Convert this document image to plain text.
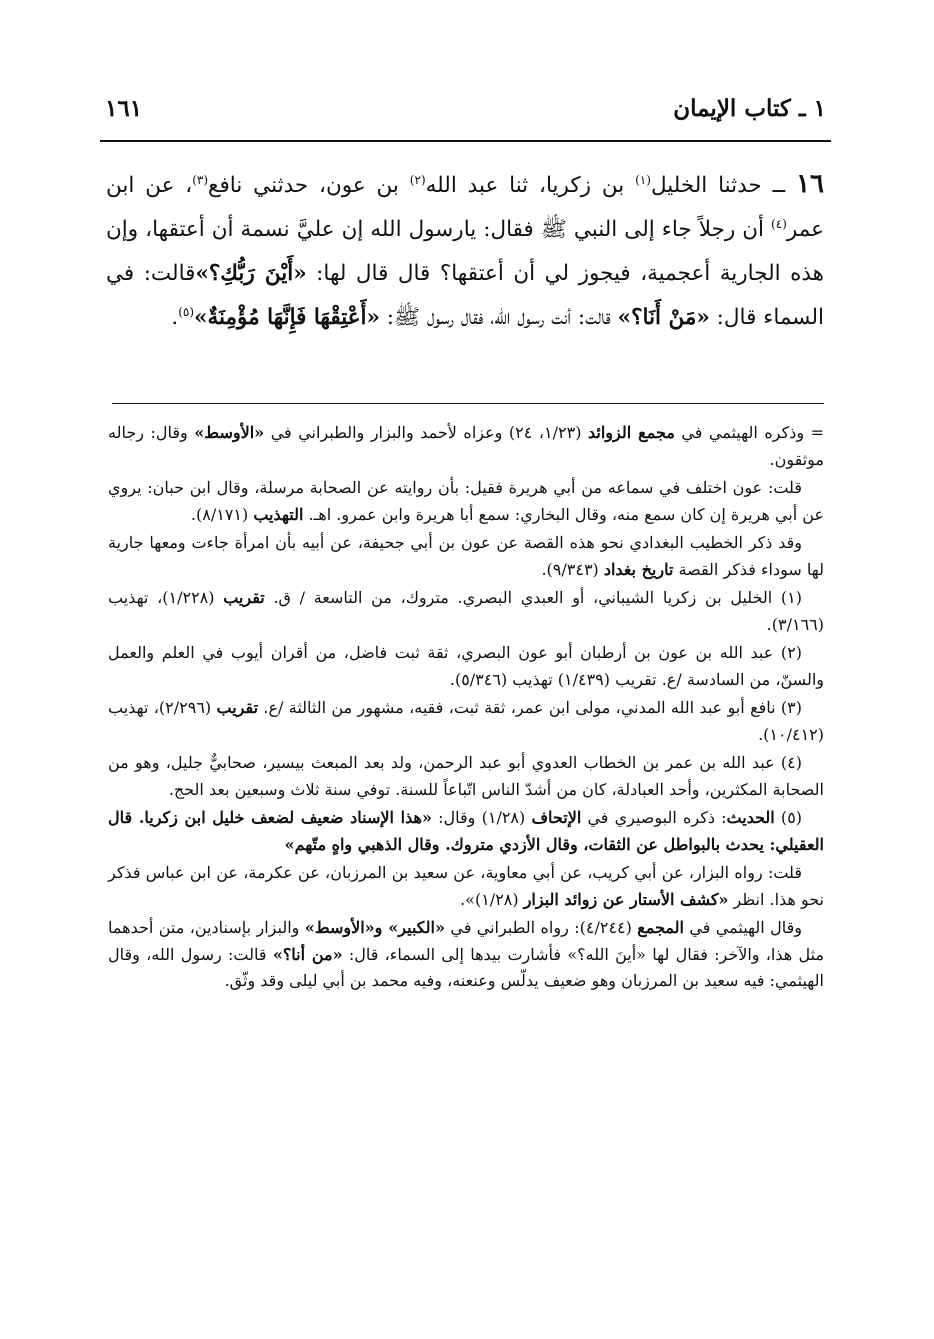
١ ـ كتاب الإيمان
١٦١
١٦ ــ حدثنا الخليل$^{(١)}$ بن زكريا، ثنا عبد الله$^{(٢)}$ بن عون، حدثني نافع$^{(٣)}$، عن ابن عمر$^{(٤)}$ أن رجلاً جاء إلى النبي ﷺ فقال: يارسول الله إن عليَّ نسمة أن أعتقها، وإن هذه الجارية أعجمية، فيجوز لي أن أعتقها؟ قال قال لها: «أَيْنَ رَبُّكِ؟»قالت: في السماء قال: «مَنْ أَنَا؟» قالت: أنت رسول الله، فقال رسول ﷺ: «أَعْتِقْهَا فَإِنَّهَا مُؤْمِنَةٌ»$^{(٥)}$.

= وذكره الهيثمي في مجمع الزوائد (١/٢٣، ٢٤) وعزاه لأحمد والبزار والطبراني في «الأوسط» وقال: رجاله موثقون.

قلت: عون اختلف في سماعه من أبي هريرة فقيل: بأن روايته عن الصحابة مرسلة، وقال ابن حبان: يروي عن أبي هريرة إن كان سمع منه، وقال البخاري: سمع أبا هريرة وابن عمرو. اهـ. التهذيب (٨/١٧١).

وقد ذكر الخطيب البغدادي نحو هذه القصة عن عون بن أبي جحيفة، عن أبيه بأن امرأة جاءت ومعها جارية لها سوداء فذكر القصة تاريخ بغداد (٩/٣٤٣).

(١) الخليل بن زكريا الشيباني، أو العبدي البصري. متروك، من التاسعة / ق. تقريب (١/٢٢٨)، تهذيب (٣/١٦٦).

(٢) عبد الله بن عون بن أرطبان أبو عون البصري، ثقة ثبت فاضل، من أقران أيوب في العلم والعمل والسنّ، من السادسة /ع. تقريب (١/٤٣٩) تهذيب (٥/٣٤٦).

(٣) نافع أبو عبد الله المدني، مولى ابن عمر، ثقة ثبت، فقيه، مشهور من الثالثة /ع. تقريب (٢/٢٩٦)، تهذيب (١٠/٤١٢).

(٤) عبد الله بن عمر بن الخطاب العدوي أبو عبد الرحمن، ولد بعد المبعث بيسير، صحابيٌّ جليل، وهو من الصحابة المكثرين، وأحد العبادلة، كان من أشدّ الناس اتّباعاً للسنة. توفي سنة ثلاث وسبعين بعد الحج.

(٥) الحديث: ذكره البوصيري في الإتحاف (١/٢٨) وقال: «هذا الإسناد ضعيف لضعف خليل ابن زكريا. قال العقيلي: يحدث بالبواطل عن الثقات، وقال الأزدي متروك. وقال الذهبي واهٍ متّهم»

قلت: رواه البزار، عن أبي كريب، عن أبي معاوية، عن سعيد بن المرزبان، عن عكرمة، عن ابن عباس فذكر نحو هذا. انظر «كشف الأستار عن زوائد البزار (١/٢٨)».

وقال الهيثمي في المجمع (٤/٢٤٤): رواه الطبراني في «الكبير» و«الأوسط» والبزار بإسنادين، متن أحدهما مثل هذا، والآخر: فقال لها «أينَ الله؟» فأشارت بيدها إلى السماء، قال: «من أنا؟» قالت: رسول الله، وقال الهيثمي: فيه سعيد بن المرزبان وهو ضعيف يدلّس وعنعنه، وفيه محمد بن أبي ليلى وقد وثّق.
